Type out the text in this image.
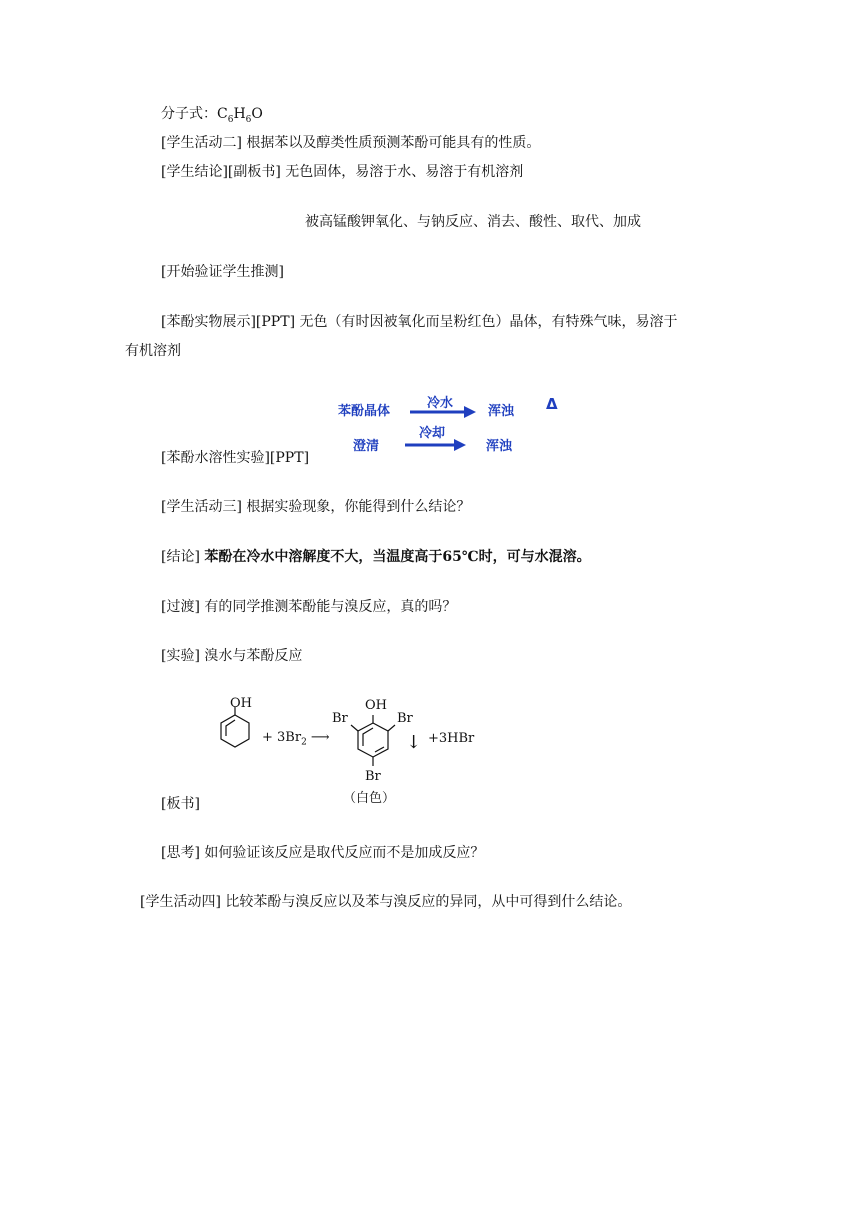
分子式：$C_6H_6O$
[学生活动二] 根据苯以及醇类性质预测苯酚可能具有的性质。
[学生结论][副板书] 无色固体，易溶于水、易溶于有机溶剂
被高锰酸钾氧化、与钠反应、消去、酸性、取代、加成
[开始验证学生推测]
[苯酚实物展示][PPT] 无色（有时因被氧化而呈粉红色）晶体，有特殊气味，易溶于
有机溶剂
苯酚晶体
冷水
浑浊 Δ
澄清
冷却
浑浊
[苯酚水溶性实验][PPT]
[学生活动三] 根据实验现象，你能得到什么结论？
[结论] 苯酚在冷水中溶解度不大，当温度高于65℃时，可与水混溶。
[过渡] 有的同学推测苯酚能与溴反应，真的吗？
[实验] 溴水与苯酚反应
OH
+ $3Br_2$ ⟶
Br
OH
Br
Br
↓ +3HBr
（白色）
[板书]
[思考] 如何验证该反应是取代反应而不是加成反应？
[学生活动四] 比较苯酚与溴反应以及苯与溴反应的异同，从中可得到什么结论。
